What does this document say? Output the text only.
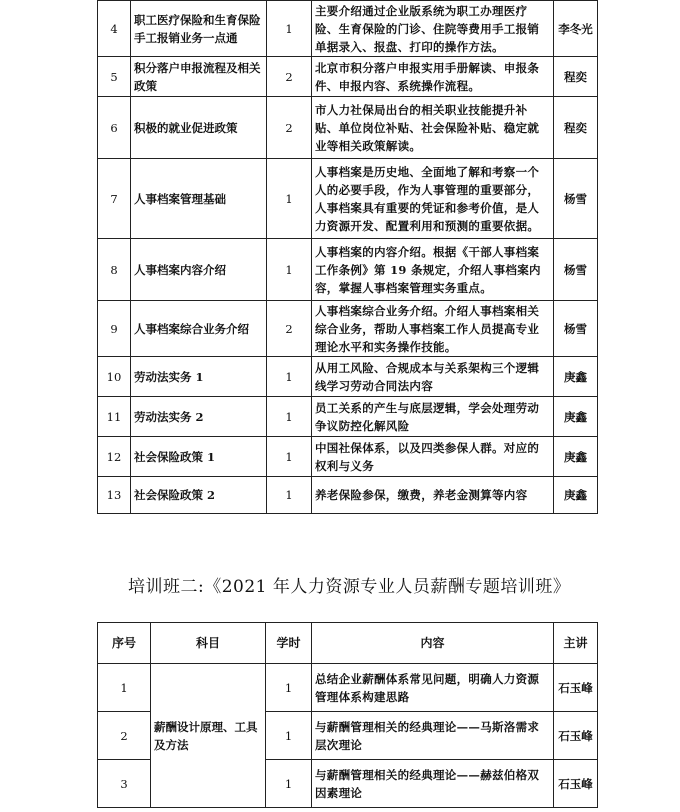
4	职工医疗保险和生育保险手工报销业务一点通	1	主要介绍通过企业版系统为职工办理医疗险、生育保险的门诊、住院等费用手工报销单据录入、报盘、打印的操作方法。	李冬光
5	积分落户申报流程及相关政策	2	北京市积分落户申报实用手册解读、申报条件、申报内容、系统操作流程。	程奕
6	积极的就业促进政策	2	市人力社保局出台的相关职业技能提升补贴、单位岗位补贴、社会保险补贴、稳定就业等相关政策解读。	程奕
7	人事档案管理基础	1	人事档案是历史地、全面地了解和考察一个人的必要手段，作为人事管理的重要部分，人事档案具有重要的凭证和参考价值，是人力资源开发、配置利用和预测的重要依据。	杨雪
8	人事档案内容介绍	1	人事档案的内容介绍。根据《干部人事档案工作条例》第 19 条规定，介绍人事档案内容，掌握人事档案管理实务重点。	杨雪
9	人事档案综合业务介绍	2	人事档案综合业务介绍。介绍人事档案相关综合业务，帮助人事档案工作人员提高专业理论水平和实务操作技能。	杨雪
10	劳动法实务 1	1	从用工风险、合规成本与关系架构三个逻辑线学习劳动合同法内容	庚鑫
11	劳动法实务 2	1	员工关系的产生与底层逻辑，学会处理劳动争议防控化解风险	庚鑫
12	社会保险政策 1	1	中国社保体系，以及四类参保人群。对应的权利与义务	庚鑫
13	社会保险政策 2	1	养老保险参保，缴费，养老金测算等内容	庚鑫
培训班二:《2021 年人力资源专业人员薪酬专题培训班》
序号	科目	学时	内容	主讲
1	薪酬设计原理、工具及方法	1	总结企业薪酬体系常见问题，明确人力资源管理体系构建思路	石玉峰
2		1	与薪酬管理相关的经典理论——马斯洛需求层次理论	石玉峰
3		1	与薪酬管理相关的经典理论——赫兹伯格双因素理论	石玉峰
